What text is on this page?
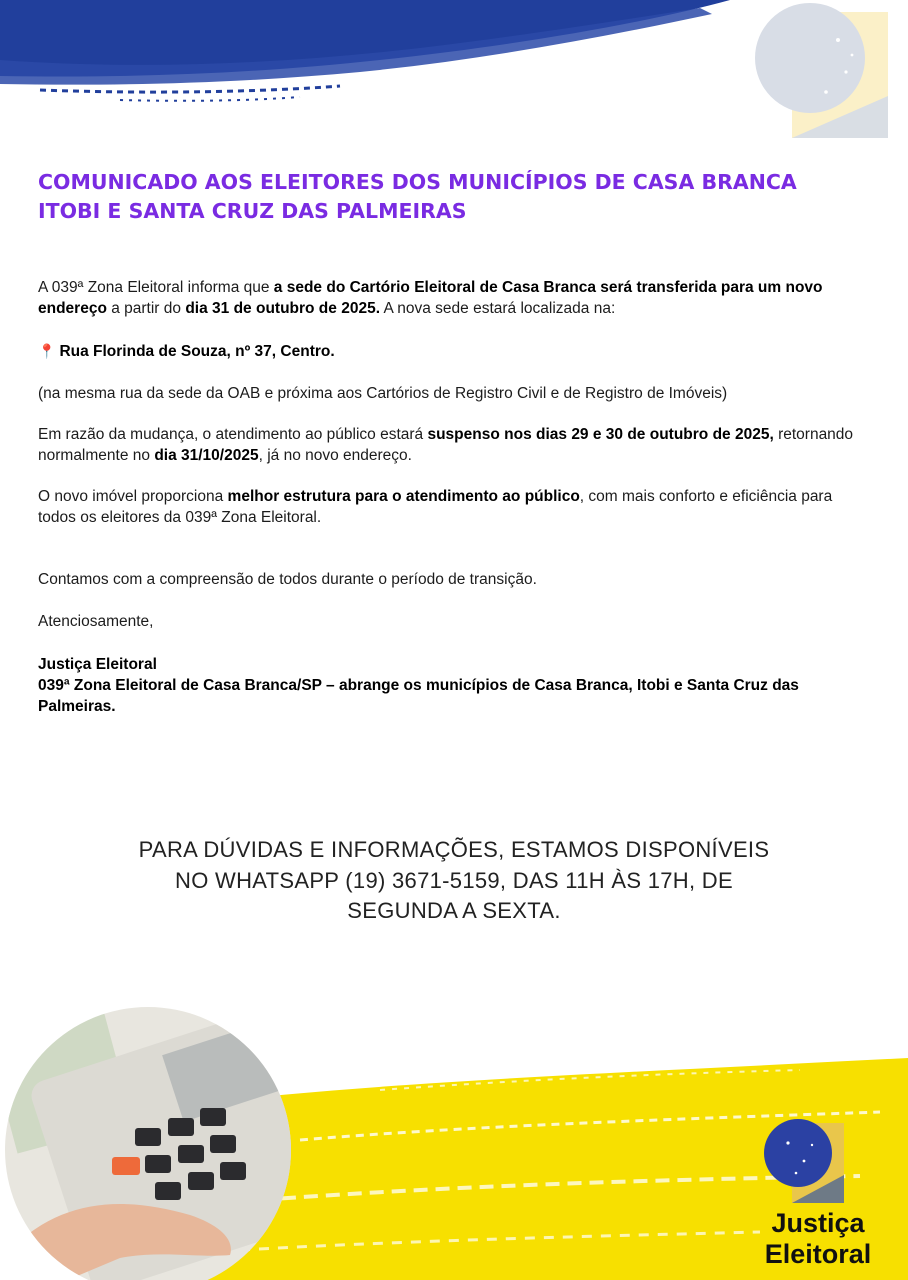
COMUNICADO AOS ELEITORES DOS MUNICÍPIOS DE CASA BRANCA
ITOBI E SANTA CRUZ DAS PALMEIRAS

A 039ª Zona Eleitoral informa que a sede do Cartório Eleitoral de Casa Branca será transferida para um novo endereço a partir do dia 31 de outubro de 2025. A nova sede estará localizada na:

📍 Rua Florinda de Souza, nº 37, Centro.

(na mesma rua da sede da OAB e próxima aos Cartórios de Registro Civil e de Registro de Imóveis)

Em razão da mudança, o atendimento ao público estará suspenso nos dias 29 e 30 de outubro de 2025, retornando normalmente no dia 31/10/2025, já no novo endereço.

O novo imóvel proporciona melhor estrutura para o atendimento ao público, com mais conforto e eficiência para todos os eleitores da 039ª Zona Eleitoral.

Contamos com a compreensão de todos durante o período de transição.

Atenciosamente,

Justiça Eleitoral
039ª Zona Eleitoral de Casa Branca/SP – abrange os municípios de Casa Branca, Itobi e Santa Cruz das Palmeiras.

PARA DÚVIDAS E INFORMAÇÕES, ESTAMOS DISPONÍVEIS
NO WHATSAPP (19) 3671-5159, DAS 11H ÀS 17H, DE
SEGUNDA A SEXTA.

Justiça

Eleitoral
